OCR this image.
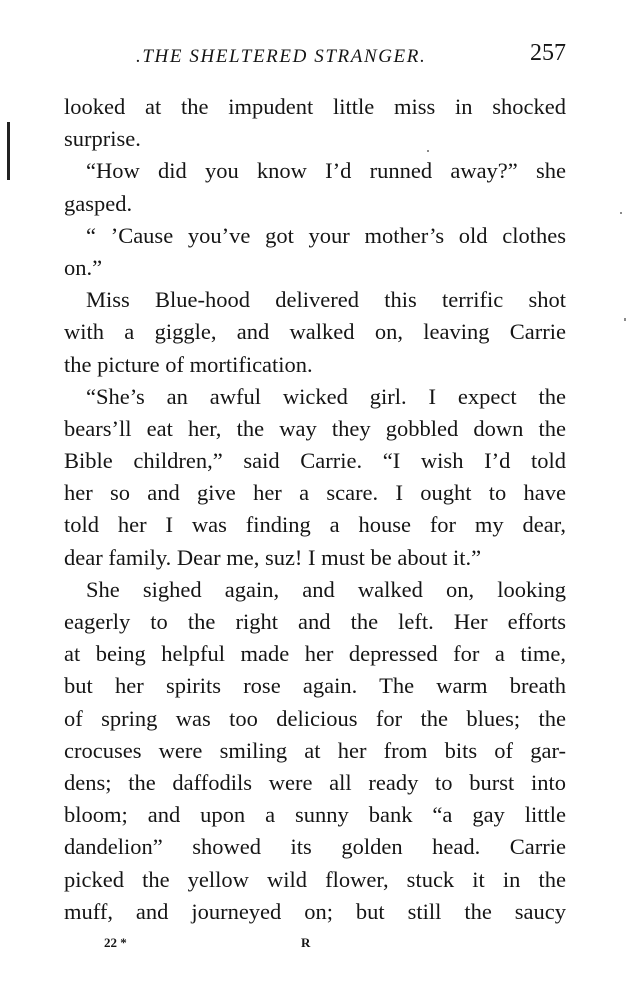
.THE SHELTERED STRANGER.	257
looked at the impudent little miss in shocked
surprise.
“How did you know I’d runned away?” she
gasped.
“ ’Cause you’ve got your mother’s old clothes
on.”
Miss Blue-hood delivered this terrific shot
with a giggle, and walked on, leaving Carrie
the picture of mortification.
“She’s an awful wicked girl. I expect the
bears’ll eat her, the way they gobbled down the
Bible children,” said Carrie. “I wish I’d told
her so and give her a scare. I ought to have
told her I was finding a house for my dear,
dear family. Dear me, suz! I must be about it.”
She sighed again, and walked on, looking
eagerly to the right and the left. Her efforts
at being helpful made her depressed for a time,
but her spirits rose again. The warm breath
of spring was too delicious for the blues; the
crocuses were smiling at her from bits of gar-
dens; the daffodils were all ready to burst into
bloom; and upon a sunny bank “a gay little
dandelion” showed its golden head. Carrie
picked the yellow wild flower, stuck it in the
muff, and journeyed on; but still the saucy
22 *	R
